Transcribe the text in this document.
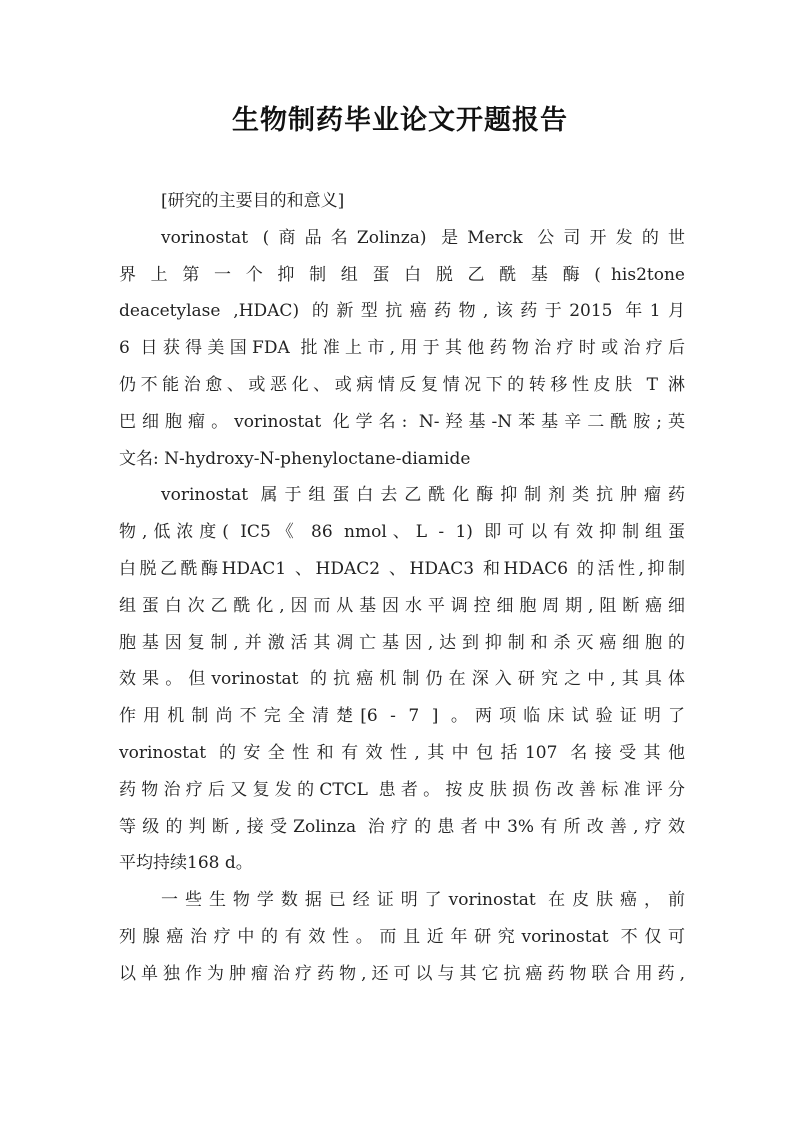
生物制药毕业论文开题报告
[研究的主要目的和意义]
vorinostat (商品名Zolinza) 是Merck 公司开发的世
界 上 第 一 个 抑 制 组 蛋 白 脱 乙 酰 基 酶 ( his2tone
deacetylase ,HDAC) 的新型抗癌药物,该药于2015 年1月
6 日获得美国FDA 批准上市,用于其他药物治疗时或治疗后
仍不能治愈、或恶化、或病情反复情况下的转移性皮肤 T 淋
巴细胞瘤。vorinostat 化学名: N-羟基-N苯基辛二酰胺;英
文名: N-hydroxy-N-phenyloctane-diamide
vorinostat 属于组蛋白去乙酰化酶抑制剂类抗肿瘤药
物,低浓度( IC5《 86 nmol、L - 1) 即可以有效抑制组蛋
白脱乙酰酶HDAC1 、HDAC2 、HDAC3 和HDAC6 的活性,抑制
组蛋白次乙酰化,因而从基因水平调控细胞周期,阻断癌细
胞基因复制,并激活其凋亡基因,达到抑制和杀灭癌细胞的
效果。但vorinostat 的抗癌机制仍在深入研究之中,其具体
作用机制尚不完全清楚[6 - 7 ] 。两项临床试验证明了
vorinostat 的安全性和有效性,其中包括107 名接受其他
药物治疗后又复发的CTCL 患者。按皮肤损伤改善标准评分
等级的判断,接受Zolinza 治疗的患者中3%有所改善,疗效
平均持续168 d。
一些生物学数据已经证明了vorinostat 在皮肤癌，前
列腺癌治疗中的有效性。而且近年研究vorinostat 不仅可
以单独作为肿瘤治疗药物,还可以与其它抗癌药物联合用药,
